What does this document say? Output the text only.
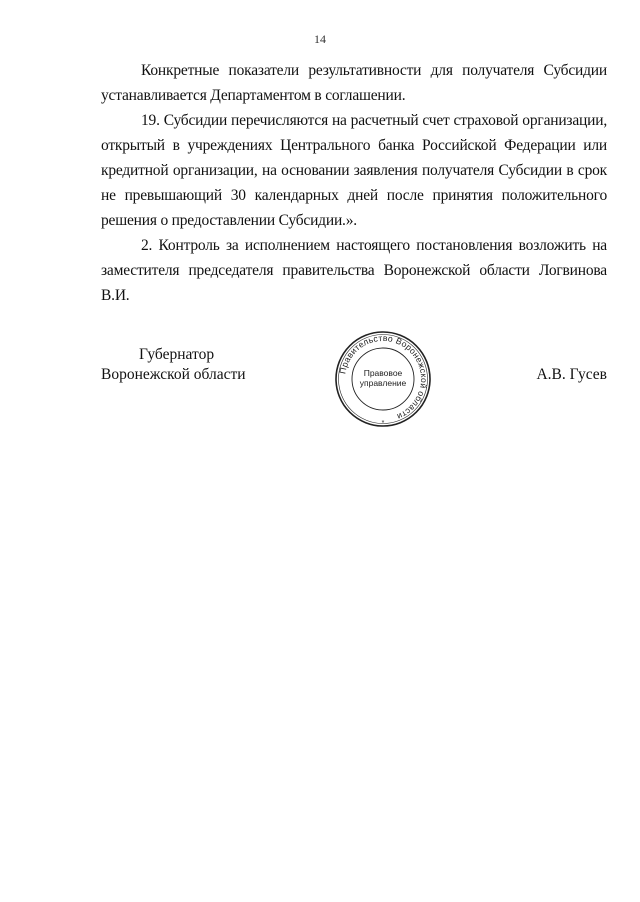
14

Конкретные показатели результативности для получателя Субсидии устанавливается Департаментом в соглашении.

19. Субсидии перечисляются на расчетный счет страховой организации, открытый в учреждениях Центрального банка Российской Федерации или кредитной организации, на основании заявления получателя Субсидии в срок не превышающий 30 календарных дней после принятия положительного решения о предоставлении Субсидии.».

2. Контроль за исполнением настоящего постановления возложить на заместителя председателя правительства Воронежской области Логвинова В.И.

Губернатор
Воронежской области	Правительство Воронежской области
Правовое
управление
*
А.В. Гусев
